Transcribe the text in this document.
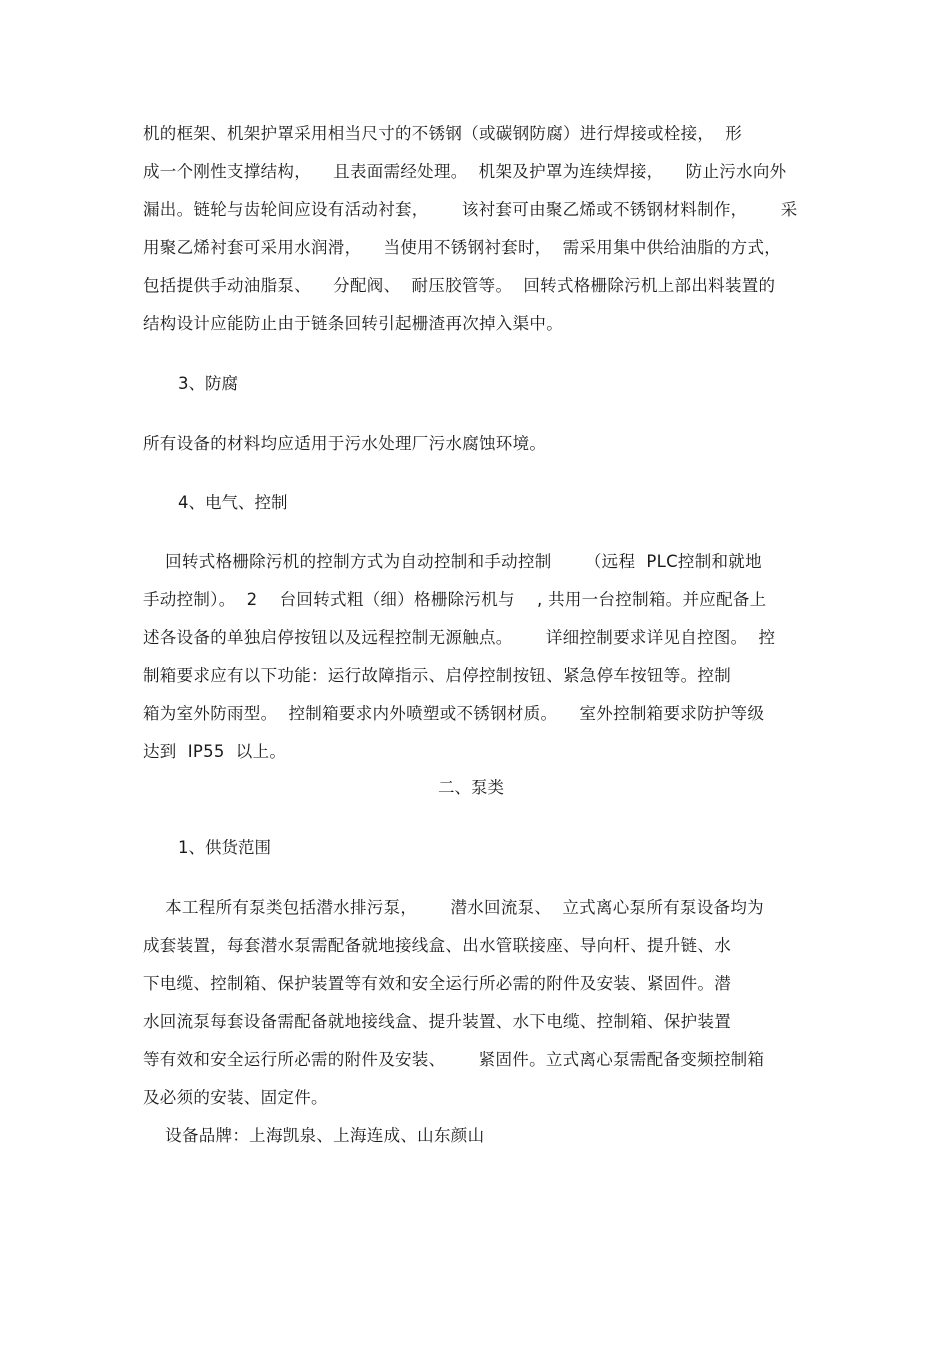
机的框架、机架护罩采用相当尺寸的不锈钢（或碳钢防腐）进行焊接或栓接，  形
成一个刚性支撑结构，    且表面需经处理。  机架及护罩为连续焊接，    防止污水向外
漏出。链轮与齿轮间应设有活动衬套，      该衬套可由聚乙烯或不锈钢材料制作，      采
用聚乙烯衬套可采用水润滑，    当使用不锈钢衬套时，  需采用集中供给油脂的方式，
包括提供手动油脂泵、    分配阀、  耐压胶管等。  回转式格栅除污机上部出料装置的
结构设计应能防止由于链条回转引起栅渣再次掉入渠中。
3、防腐
所有设备的材料均应适用于污水处理厂污水腐蚀环境。
4、电气、控制
回转式格栅除污机的控制方式为自动控制和手动控制      （远程  PLC控制和就地
手动控制）。  2    台回转式粗（细）格栅除污机与    , 共用一台控制箱。并应配备上
述各设备的单独启停按钮以及远程控制无源触点。      详细控制要求详见自控图。  控
制箱要求应有以下功能：运行故障指示、启停控制按钮、紧急停车按钮等。控制
箱为室外防雨型。  控制箱要求内外喷塑或不锈钢材质。    室外控制箱要求防护等级
达到  IP55  以上。
二、泵类
1、供货范围
本工程所有泵类包括潜水排污泵，      潜水回流泵、  立式离心泵所有泵设备均为
成套装置，每套潜水泵需配备就地接线盒、出水管联接座、导向杆、提升链、水
下电缆、控制箱、保护装置等有效和安全运行所必需的附件及安装、紧固件。潜
水回流泵每套设备需配备就地接线盒、提升装置、水下电缆、控制箱、保护装置
等有效和安全运行所必需的附件及安装、      紧固件。立式离心泵需配备变频控制箱
及必须的安装、固定件。
设备品牌：上海凯泉、上海连成、山东颜山
